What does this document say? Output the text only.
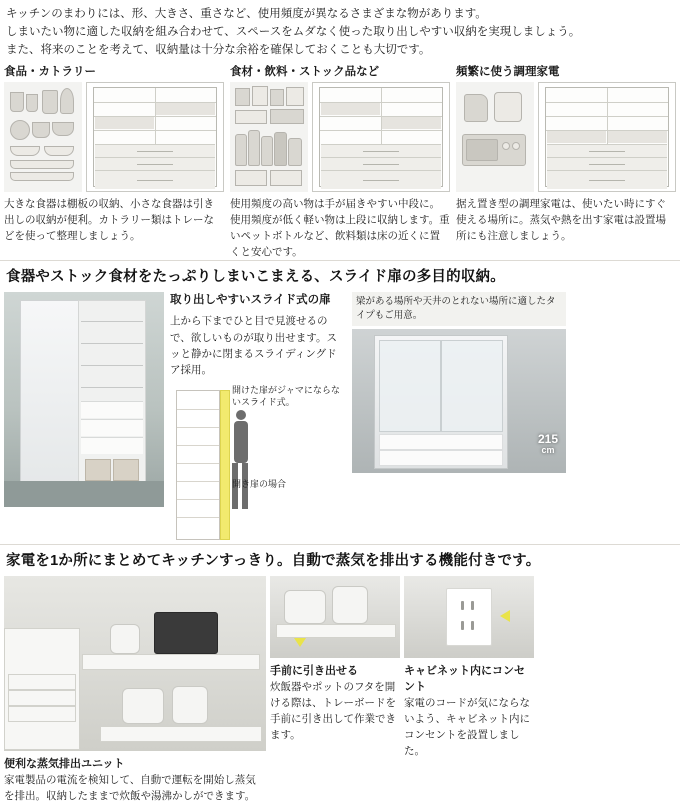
キッチンのまわりには、形、大きさ、重さなど、使用頻度が異なるさまざまな物があります。

しまいたい物に適した収納を組み合わせて、スペースをムダなく使った取り出しやすい収納を実現しましょう。

また、将来のことを考えて、収納量は十分な余裕を確保しておくことも大切です。

食品・カトラリー
大きな食器は棚板の収納、小さな食器は引き出しの収納が便利。カトラリー類はトレーなどを使って整理しましょう。
食材・飲料・ストック品など
使用頻度の高い物は手が届きやすい中段に。使用頻度が低く軽い物は上段に収納します。重いペットボトルなど、飲料類は床の近くに置くと安心です。
頻繁に使う調理家電
据え置き型の調理家電は、使いたい時にすぐ使える場所に。蒸気や熱を出す家電は設置場所にも注意しましょう。
食器やストック食材をたっぷりしまいこまえる、スライド扉の多目的収納。
取り出しやすいスライド式の扉
上から下までひと目で見渡せるので、欲しいものが取り出せます。スッと静かに閉まるスライディングドア採用。
開けた扉がジャマにならないスライド式。
開き扉の場合
梁がある場所や天井のとれない場所に適したタイプもご用意。
215
cm
家電を1か所にまとめてキッチンすっきり。自動で蒸気を排出する機能付きです。
便利な蒸気排出ユニット
家電製品の電流を検知して、自動で運転を開始し蒸気を排出。収納したままで炊飯や湯沸かしができます。
手前に引き出せる
炊飯器やポットのフタを開ける際は、トレーボードを手前に引き出して作業できます。
キャビネット内にコンセント
家電のコードが気にならないよう、キャビネット内にコンセントを設置しました。
